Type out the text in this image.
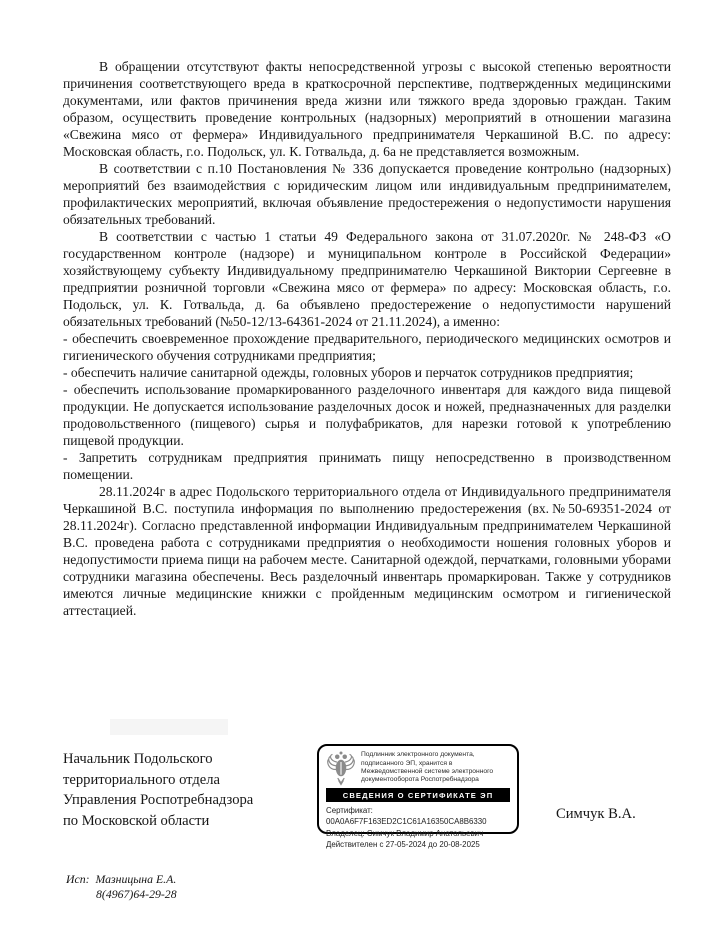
В обращении отсутствуют факты непосредственной угрозы с высокой степенью вероятности причинения соответствующего вреда в краткосрочной перспективе, подтвержденных медицинскими документами, или фактов причинения вреда жизни или тяжкого вреда здоровью граждан. Таким образом, осуществить проведение контрольных (надзорных) мероприятий в отношении магазина «Свежина мясо от фермера» Индивидуального предпринимателя Черкашиной В.С. по адресу: Московская область, г.о. Подольск, ул. К. Готвальда, д. 6а не представляется возможным.

В соответствии с п.10 Постановления № 336 допускается проведение контрольно (надзорных) мероприятий без взаимодействия с юридическим лицом или индивидуальным предпринимателем, профилактических мероприятий, включая объявление предостережения о недопустимости нарушения обязательных требований.

В соответствии с частью 1 статьи 49 Федерального закона от 31.07.2020г. № 248-ФЗ «О государственном контроле (надзоре) и муниципальном контроле в Российской Федерации» хозяйствующему субъекту Индивидуальному предпринимателю Черкашиной Виктории Сергеевне в предприятии розничной торговли «Свежина мясо от фермера» по адресу: Московская область, г.о. Подольск, ул. К. Готвальда, д. 6а объявлено предостережение о недопустимости нарушений обязательных требований (№50-12/13-64361-2024 от 21.11.2024), а именно:

- обеспечить своевременное прохождение предварительного, периодического медицинских осмотров и гигиенического обучения сотрудниками предприятия;

- обеспечить наличие санитарной одежды, головных уборов и перчаток сотрудников предприятия;

- обеспечить использование промаркированного разделочного инвентаря для каждого вида пищевой продукции. Не допускается использование разделочных досок и ножей, предназначенных для разделки продовольственного (пищевого) сырья и полуфабрикатов, для нарезки готовой к употреблению пищевой продукции.

- Запретить сотрудникам предприятия принимать пищу непосредственно в производственном помещении.

28.11.2024г в адрес Подольского территориального отдела от Индивидуального предпринимателя Черкашиной В.С. поступила информация по выполнению предостережения (вх.№50-69351-2024 от 28.11.2024г). Согласно представленной информации Индивидуальным предпринимателем Черкашиной В.С. проведена работа с сотрудниками предприятия о необходимости ношения головных уборов и недопустимости приема пищи на рабочем месте. Санитарной одеждой, перчатками, головными уборами сотрудники магазина обеспечены. Весь разделочный инвентарь промаркирован. Также у сотрудников имеются личные медицинские книжки с пройденным медицинским осмотром и гигиенической аттестацией.

Начальник Подольского
территориального отдела
Управления Роспотребнадзора
по Московской области
Подлинник электронного документа, подписанного ЭП, хранится в Межведомственной системе электронного документооборота Роспотребнадзора
СВЕДЕНИЯ О СЕРТИФИКАТЕ ЭП
Сертификат: 00A0A6F7F163ED2C1C61A16350CA8B6330
Владелец: Симчук Владимир Анатольевич
Действителен с 27-05-2024 до 20-08-2025
Симчук В.А.
Исп:  Мазницына Е.А.
8(4967)64-29-28
